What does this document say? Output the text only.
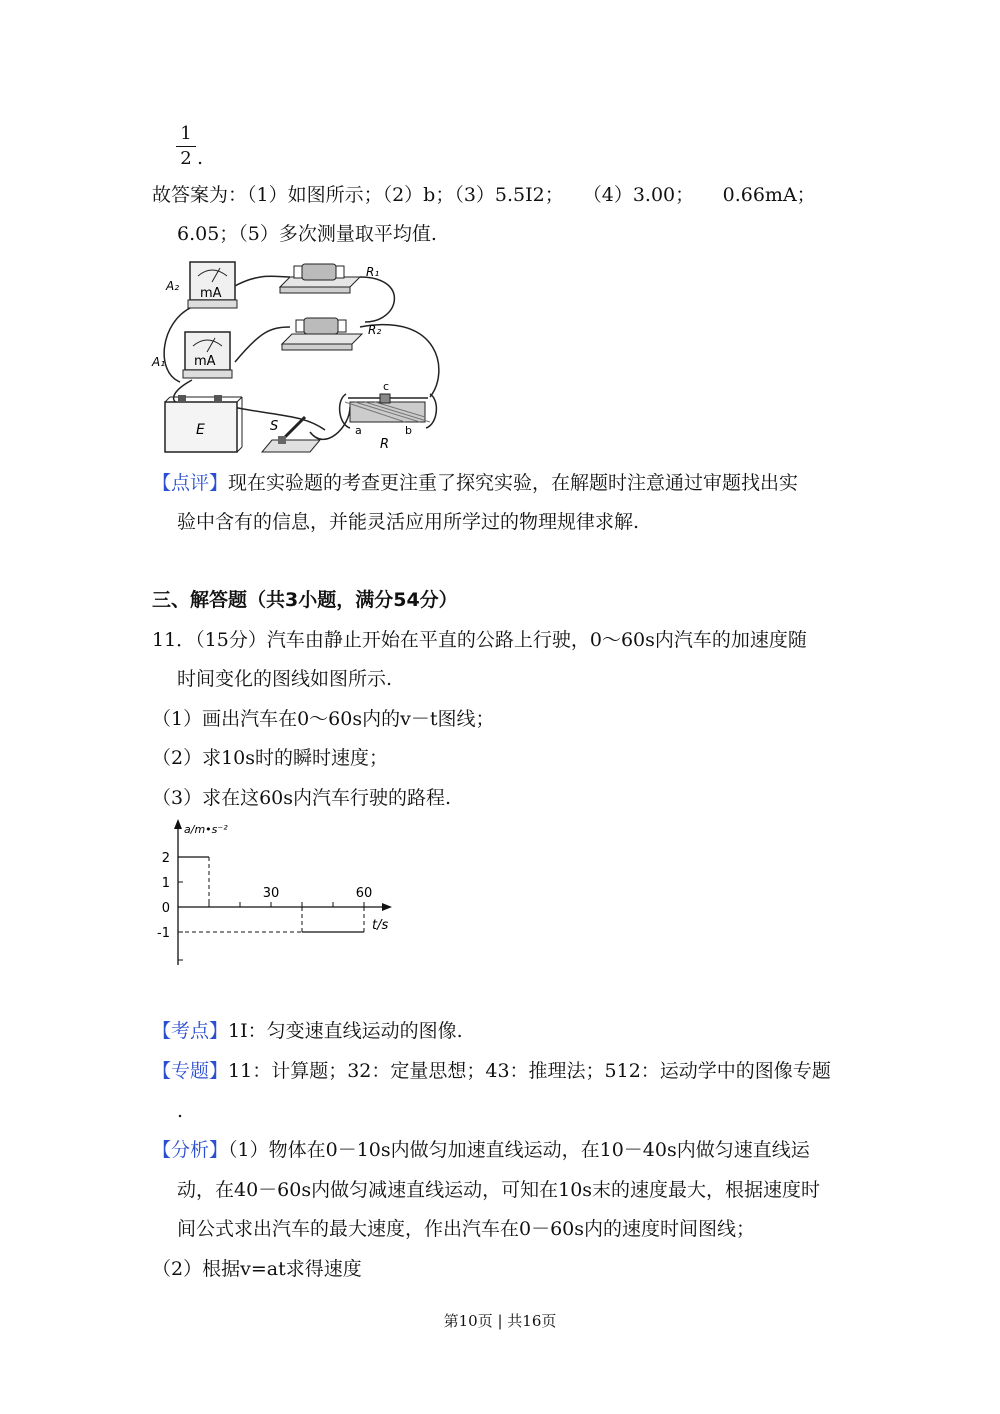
1
2 .
故答案为：（1）如图所示；（2）b；（3）5.5I2；　　（4）3.00；　　0.66mA；
6.05；（5）多次测量取平均值.
mA
A₂
mA
A₁
R₁
R₂
E	S
c
a	b
R
【点评】现在实验题的考查更注重了探究实验，在解题时注意通过审题找出实
验中含有的信息，并能灵活应用所学过的物理规律求解.
三、解答题（共3小题，满分54分）
11．（15分）汽车由静止开始在平直的公路上行驶，0～60s内汽车的加速度随
时间变化的图线如图所示.
（1）画出汽车在0～60s内的v－t图线；
（2）求10s时的瞬时速度；
（3）求在这60s内汽车行驶的路程.
a/m•s⁻²
t/s
2
1
0
-1
30	60
【考点】1I：匀变速直线运动的图像.
【专题】11：计算题；32：定量思想；43：推理法；512：运动学中的图像专题
.
【分析】（1）物体在0－10s内做匀加速直线运动，在10－40s内做匀速直线运
动，在40－60s内做匀减速直线运动，可知在10s末的速度最大，根据速度时
间公式求出汽车的最大速度，作出汽车在0－60s内的速度时间图线；
（2）根据v=at求得速度
第10页 | 共16页
